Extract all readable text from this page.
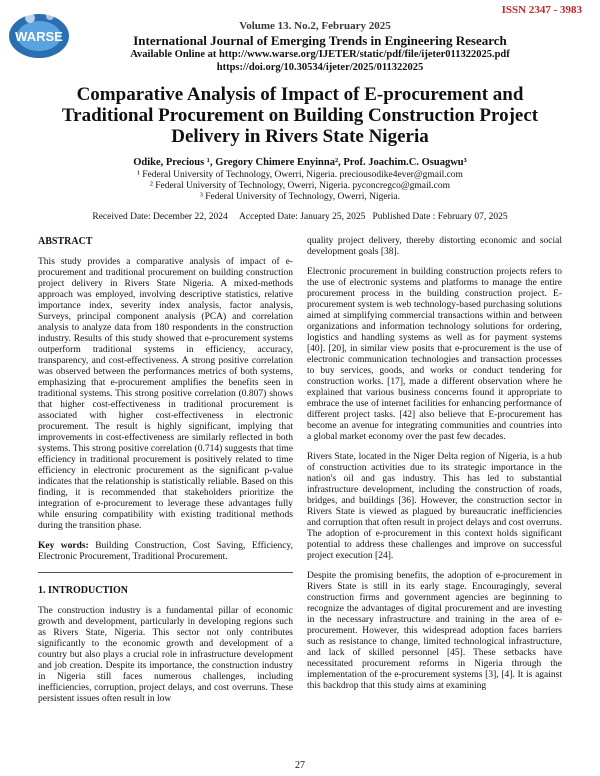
WARSE
ISSN 2347 - 3983
Volume 13. No.2, February 2025
International Journal of Emerging Trends in Engineering Research
Available Online at http://www.warse.org/IJETER/static/pdf/file/ijeter011322025.pdf
https://doi.org/10.30534/ijeter/2025/011322025
Comparative Analysis of Impact of E-procurement and Traditional Procurement on Building Construction Project Delivery in Rivers State Nigeria
Odike, Precious ¹, Gregory Chimere Enyinna², Prof. Joachim.C. Osuagwu³
¹ Federal University of Technology, Owerri, Nigeria. preciousodike4ever@gmail.com
² Federal University of Technology, Owerri, Nigeria. pyconcregco@gmail.com
³ Federal University of Technology, Owerri, Nigeria.
Received Date: December 22, 2024     Accepted Date: January 25, 2025   Published Date : February 07, 2025
ABSTRACT

This study provides a comparative analysis of impact of e-procurement and traditional procurement on building construction project delivery in Rivers State Nigeria. A mixed-methods approach was employed, involving descriptive statistics, relative importance index, severity index analysis, factor analysis, Surveys, principal component analysis (PCA) and correlation analysis to analyze data from 180 respondents in the construction industry. Results of this study showed that e-procurement systems outperform traditional systems in efficiency, accuracy, transparency, and cost-effectiveness. A strong positive correlation was observed between the performances metrics of both systems, emphasizing that e-procurement amplifies the benefits seen in traditional systems. This strong positive correlation (0.807) shows that higher cost-effectiveness in traditional procurement is associated with higher cost-effectiveness in electronic procurement. The result is highly significant, implying that improvements in cost-effectiveness are similarly reflected in both systems. This strong positive correlation (0.714) suggests that time efficiency in traditional procurement is positively related to time efficiency in electronic procurement as the significant p-value indicates that the relationship is statistically reliable. Based on this finding, it is recommended that stakeholders prioritize the integration of e-procurement to leverage these advantages fully while ensuring compatibility with existing traditional methods during the transition phase.

Key words: Building Construction, Cost Saving, Efficiency, Electronic Procurement, Traditional Procurement.

1. INTRODUCTION

The construction industry is a fundamental pillar of economic growth and development, particularly in developing regions such as Rivers State, Nigeria. This sector not only contributes significantly to the economic growth and development of a country but also plays a crucial role in infrastructure development and job creation. Despite its importance, the construction industry in Nigeria still faces numerous challenges, including inefficiencies, corruption, project delays, and cost overruns. These persistent issues often result in low

quality project delivery, thereby distorting economic and social development goals [38].

Electronic procurement in building construction projects refers to the use of electronic systems and platforms to manage the entire procurement process in the building construction project. E-procurement system is web technology-based purchasing solutions aimed at simplifying commercial transactions within and between organizations and information technology solutions for ordering, logistics and handling systems as well as for payment systems [40]. [20], in similar view posits that e-procurement is the use of electronic communication technologies and transaction processes to buy services, goods, and works or conduct tendering for construction works. [17], made a different observation where he explained that various business concerns found it appropriate to embrace the use of internet facilities for enhancing performance of different project tasks. [42] also believe that E-procurement has become an avenue for integrating communities and countries into a global market economy over the past few decades.

Rivers State, located in the Niger Delta region of Nigeria, is a hub of construction activities due to its strategic importance in the nation's oil and gas industry. This has led to substantial infrastructure development, including the construction of roads, bridges, and buildings [36]. However, the construction sector in Rivers State is viewed as plagued by bureaucratic inefficiencies and corruption that often result in project delays and cost overruns. The adoption of e-procurement in this context holds significant potential to address these challenges and improve on successful project execution [24].

Despite the promising benefits, the adoption of e-procurement in Rivers State is still in its early stage. Encouragingly, several construction firms and government agencies are beginning to recognize the advantages of digital procurement and are investing in the necessary infrastructure and training in the area of e-procurement. However, this widespread adoption faces barriers such as resistance to change, limited technological infrastructure, and lack of skilled personnel [45]. These setbacks have necessitated procurement reforms in Nigeria through the implementation of the e-procurement systems [3], [4]. It is against this backdrop that this study aims at examining

27
